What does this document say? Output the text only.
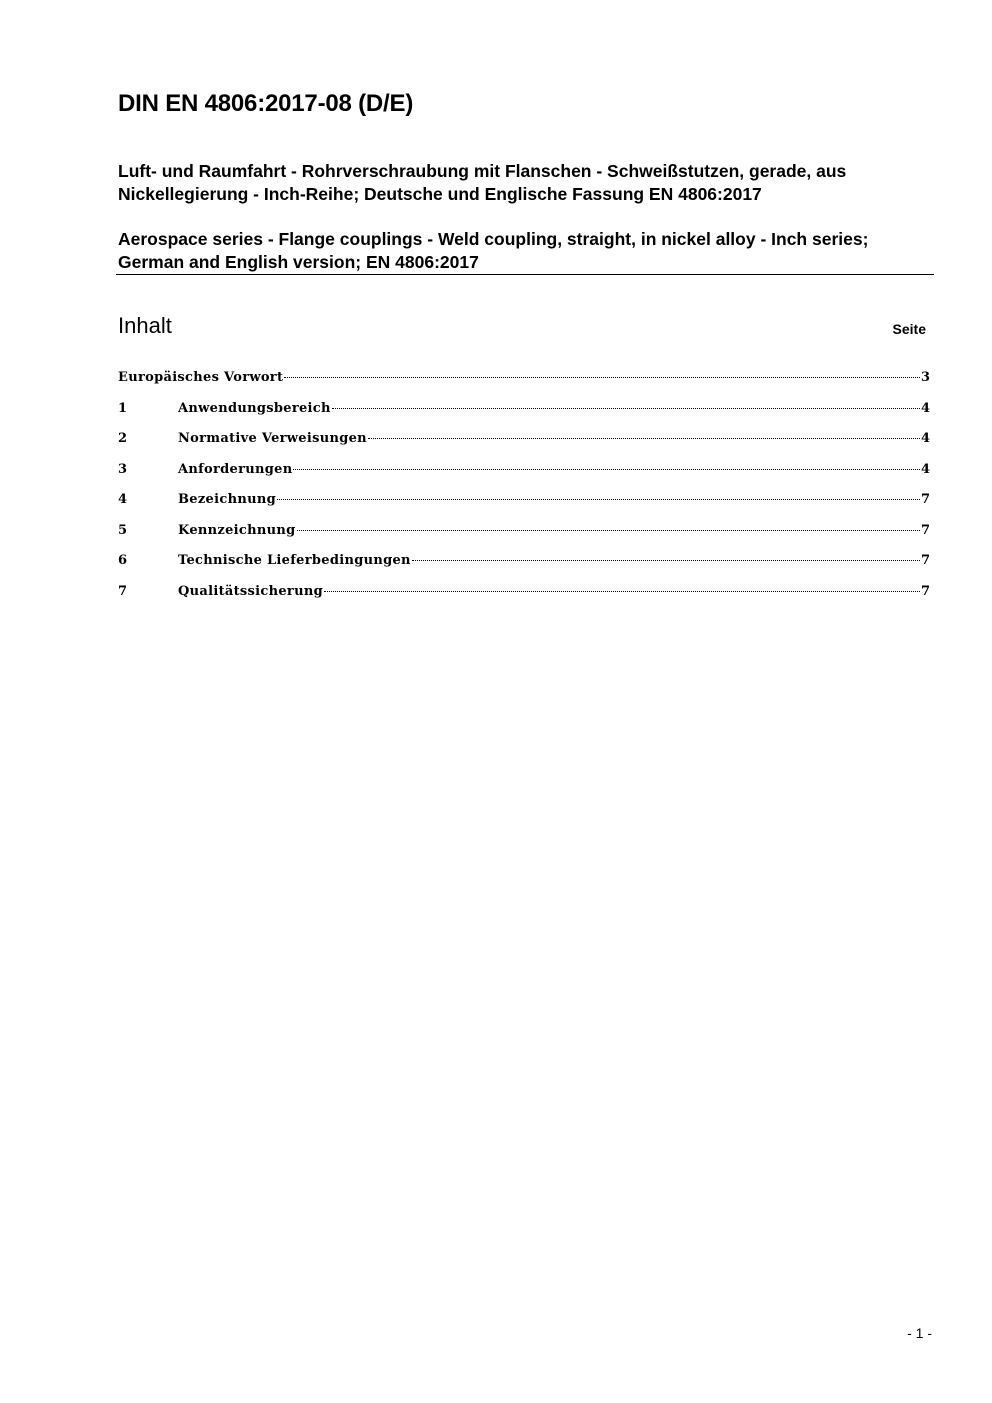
DIN EN 4806:2017-08 (D/E)

Luft- und Raumfahrt - Rohrverschraubung mit Flanschen - Schweißstutzen, gerade, aus Nickellegierung - Inch-Reihe; Deutsche und Englische Fassung EN 4806:2017

Aerospace series - Flange couplings - Weld coupling, straight, in nickel alloy - Inch series; German and English version; EN 4806:2017

Inhalt	Seite
Europäisches Vorwort	3
1	Anwendungsbereich	4
2	Normative Verweisungen	4
3	Anforderungen	4
4	Bezeichnung	7
5	Kennzeichnung	7
6	Technische Lieferbedingungen	7
7	Qualitätssicherung	7
- 1 -
